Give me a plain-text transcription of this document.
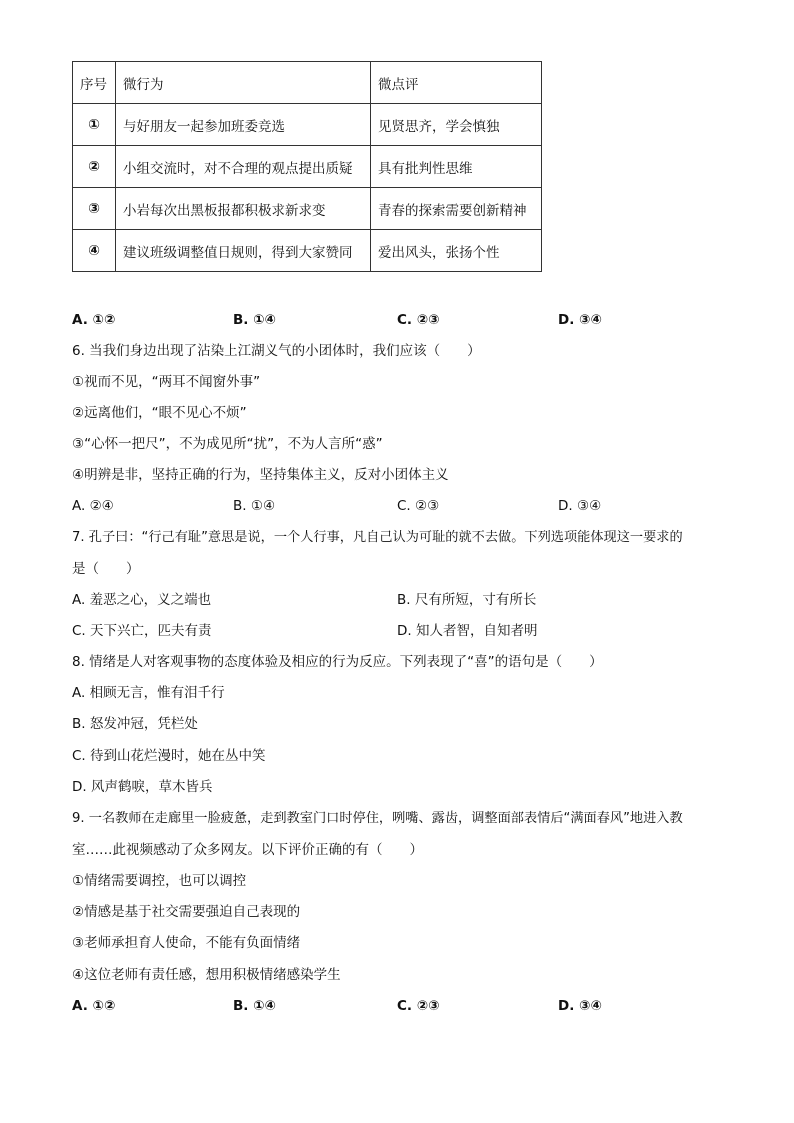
序号	微行为	微点评
①	与好朋友一起参加班委竞选	见贤思齐，学会慎独
②	小组交流时，对不合理的观点提出质疑	具有批判性思维
③	小岩每次出黑板报都积极求新求变	青春的探索需要创新精神
④	建议班级调整值日规则，得到大家赞同	爱出风头，张扬个性
A. ①②	B. ①④	C. ②③	D. ③④
6. 当我们身边出现了沾染上江湖义气的小团体时，我们应该（　　）
①视而不见，“两耳不闻窗外事”
②远离他们，“眼不见心不烦”
③“心怀一把尺”，不为成见所“扰”，不为人言所“惑”
④明辨是非，坚持正确的行为，坚持集体主义，反对小团体主义
A. ②④	B. ①④	C. ②③	D. ③④
7. 孔子曰：“行己有耻”意思是说，一个人行事，凡自己认为可耻的就不去做。下列选项能体现这一要求的
是（　　）
A. 羞恶之心，义之端也	B. 尺有所短，寸有所长
C. 天下兴亡，匹夫有责	D. 知人者智，自知者明
8. 情绪是人对客观事物的态度体验及相应的行为反应。下列表现了“喜”的语句是（　　）
A. 相顾无言，惟有泪千行
B. 怒发冲冠，凭栏处
C. 待到山花烂漫时，她在丛中笑
D. 风声鹤唳，草木皆兵
9. 一名教师在走廊里一脸疲惫，走到教室门口时停住，咧嘴、露齿，调整面部表情后“满面春风”地进入教
室……此视频感动了众多网友。以下评价正确的有（　　）
①情绪需要调控，也可以调控
②情感是基于社交需要强迫自己表现的
③老师承担育人使命，不能有负面情绪
④这位老师有责任感，想用积极情绪感染学生
A. ①②	B. ①④	C. ②③	D. ③④
